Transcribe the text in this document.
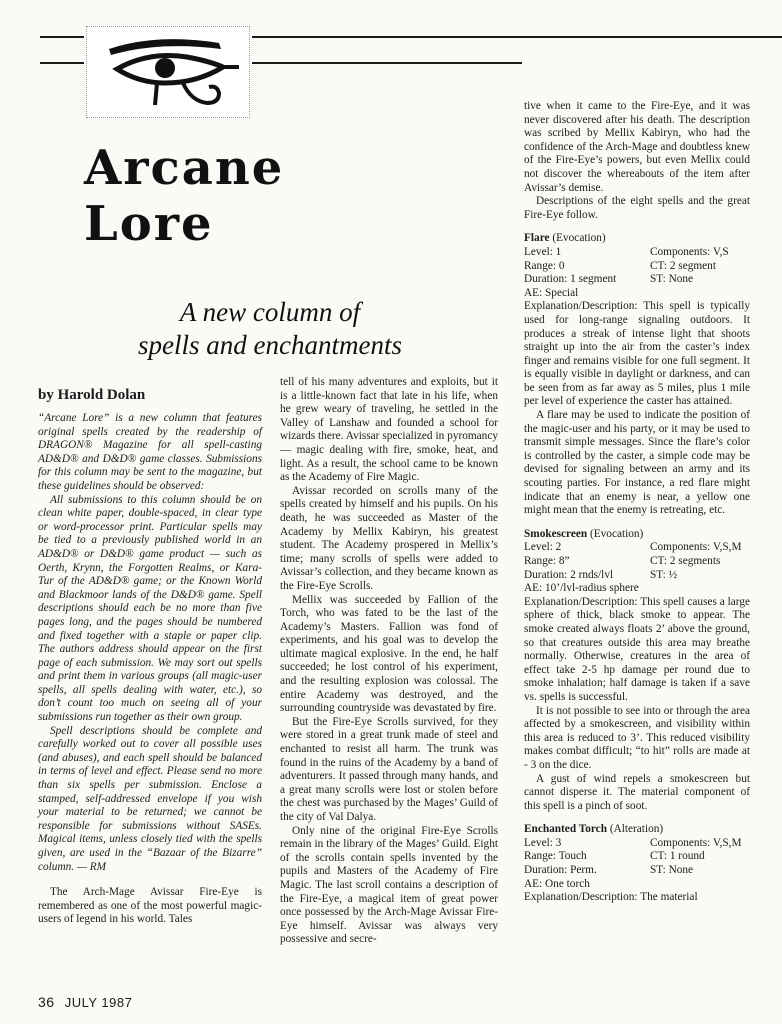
Arcane
Lore
A new column of
spells and enchantments
by Harold Dolan

“Arcane Lore” is a new column that features original spells created by the readership of DRAGON® Magazine for all spell-casting AD&D® and D&D® game classes. Submissions for this column may be sent to the magazine, but these guidelines should be observed:

All submissions to this column should be on clean white paper, double-spaced, in clear type or word-processor print. Particular spells may be tied to a previously published world in an AD&D® or D&D® game product — such as Oerth, Krynn, the Forgotten Realms, or Kara-Tur of the AD&D® game; or the Known World and Blackmoor lands of the D&D® game. Spell descriptions should each be no more than five pages long, and the pages should be numbered and fixed together with a staple or paper clip. The authors address should appear on the first page of each submission. We may sort out spells and print them in various groups (all magic-user spells, all spells dealing with water, etc.), so don’t count too much on seeing all of your submissions run together as their own group.

Spell descriptions should be complete and carefully worked out to cover all possible uses (and abuses), and each spell should be balanced in terms of level and effect. Please send no more than six spells per submission. Enclose a stamped, self-addressed envelope if you wish your material to be returned; we cannot be responsible for submissions without SASEs. Magical items, unless closely tied with the spells given, are used in the “Bazaar of the Bizarre” column. — RM

The Arch-Mage Avissar Fire-Eye is remembered as one of the most powerful magic-users of legend in his world. Tales

tell of his many adventures and exploits, but it is a little-known fact that late in his life, when he grew weary of traveling, he settled in the Valley of Lanshaw and founded a school for wizards there. Avissar specialized in pyromancy — magic dealing with fire, smoke, heat, and light. As a result, the school came to be known as the Academy of Fire Magic.

Avissar recorded on scrolls many of the spells created by himself and his pupils. On his death, he was succeeded as Master of the Academy by Mellix Kabiryn, his greatest student. The Academy prospered in Mellix’s time; many scrolls of spells were added to Avissar’s collection, and they became known as the Fire-Eye Scrolls.

Mellix was succeeded by Fallion of the Torch, who was fated to be the last of the Academy’s Masters. Fallion was fond of experiments, and his goal was to develop the ultimate magical explosive. In the end, he half succeeded; he lost control of his experiment, and the resulting explosion was colossal. The entire Academy was destroyed, and the surrounding countryside was devastated by fire.

But the Fire-Eye Scrolls survived, for they were stored in a great trunk made of steel and enchanted to resist all harm. The trunk was found in the ruins of the Academy by a band of adventurers. It passed through many hands, and a great many scrolls were lost or stolen before the chest was purchased by the Mages’ Guild of the city of Val Dalya.

Only nine of the original Fire-Eye Scrolls remain in the library of the Mages’ Guild. Eight of the scrolls contain spells invented by the pupils and Masters of the Academy of Fire Magic. The last scroll contains a description of the Fire-Eye, a magical item of great power once possessed by the Arch-Mage Avissar Fire-Eye himself. Avissar was always very possessive and secre-

tive when it came to the Fire-Eye, and it was never discovered after his death. The description was scribed by Mellix Kabiryn, who had the confidence of the Arch-Mage and doubtless knew of the Fire-Eye’s powers, but even Mellix could not discover the whereabouts of the item after Avissar’s demise.

Descriptions of the eight spells and the great Fire-Eye follow.

Flare (Evocation)
Level: 1	Components: V,S
Range: 0	CT: 2 segment
Duration: 1 segment	ST: None
AE: Special

Explanation/Description: This spell is typically used for long-range signaling outdoors. It produces a streak of intense light that shoots straight up into the air from the caster’s index finger and remains visible for one full segment. It is equally visible in daylight or darkness, and can be seen from as far away as 5 miles, plus 1 mile per level of experience the caster has attained.

A flare may be used to indicate the position of the magic-user and his party, or it may be used to transmit simple messages. Since the flare’s color is controlled by the caster, a simple code may be devised for signaling between an army and its scouting parties. For instance, a red flare might indicate that an enemy is near, a yellow one might mean that the enemy is retreating, etc.

Smokescreen (Evocation)
Level: 2	Components: V,S,M
Range: 8”	CT: 2 segments
Duration: 2 rnds/lvl	ST: ½
AE: 10’/lvl-radius sphere

Explanation/Description: This spell causes a large sphere of thick, black smoke to appear. The smoke created always floats 2’ above the ground, so that creatures outside this area may breathe normally. Otherwise, creatures in the area of effect take 2-5 hp damage per round due to smoke inhalation; half damage is taken if a save vs. spells is successful.

It is not possible to see into or through the area affected by a smokescreen, and visibility within this area is reduced to 3’. This reduced visibility makes combat difficult; “to hit” rolls are made at - 3 on the dice.

A gust of wind repels a smokescreen but cannot disperse it. The material component of this spell is a pinch of soot.

Enchanted Torch (Alteration)
Level: 3	Components: V,S,M
Range: Touch	CT: 1 round
Duration: Perm.	ST: None
AE: One torch

Explanation/Description: The material

36 JULY 1987
